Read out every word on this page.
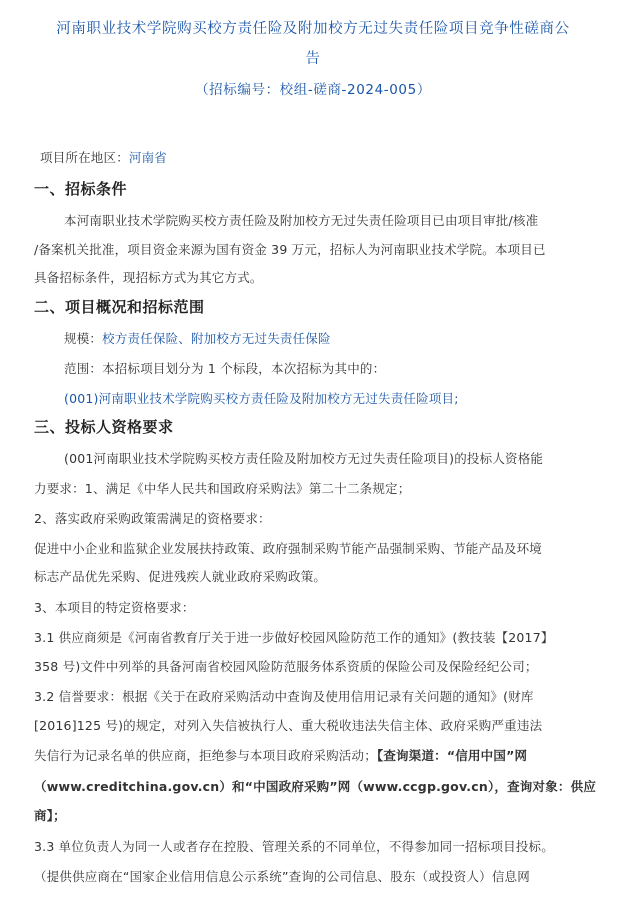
河南职业技术学院购买校方责任险及附加校方无过失责任险项目竞争性磋商公
告
（招标编号：校组-磋商-2024-005）
项目所在地区：河南省
一、招标条件
本河南职业技术学院购买校方责任险及附加校方无过失责任险项目已由项目审批/核准
/备案机关批准，项目资金来源为国有资金 39 万元，招标人为河南职业技术学院。本项目已
具备招标条件，现招标方式为其它方式。
二、项目概况和招标范围
规模：校方责任保险、附加校方无过失责任保险
范围：本招标项目划分为 1 个标段，本次招标为其中的：
(001)河南职业技术学院购买校方责任险及附加校方无过失责任险项目;
三、投标人资格要求
(001河南职业技术学院购买校方责任险及附加校方无过失责任险项目)的投标人资格能
力要求：1、满足《中华人民共和国政府采购法》第二十二条规定；
2、落实政府采购政策需满足的资格要求：
促进中小企业和监狱企业发展扶持政策、政府强制采购节能产品强制采购、节能产品及环境
标志产品优先采购、促进残疾人就业政府采购政策。
3、本项目的特定资格要求：
3.1 供应商须是《河南省教育厅关于进一步做好校园风险防范工作的通知》(教技装【2017】
358 号)文件中列举的具备河南省校园风险防范服务体系资质的保险公司及保险经纪公司；
3.2 信誉要求：根据《关于在政府采购活动中查询及使用信用记录有关问题的通知》(财库
[2016]125 号)的规定，对列入失信被执行人、重大税收违法失信主体、政府采购严重违法
失信行为记录名单的供应商，拒绝参与本项目政府采购活动；【查询渠道：“信用中国”网
（www.creditchina.gov.cn）和“中国政府采购”网（www.ccgp.gov.cn），查询对象：供应
商】；
3.3 单位负责人为同一人或者存在控股、管理关系的不同单位，不得参加同一招标项目投标。
（提供供应商在“国家企业信用信息公示系统”查询的公司信息、股东（或投资人）信息网
